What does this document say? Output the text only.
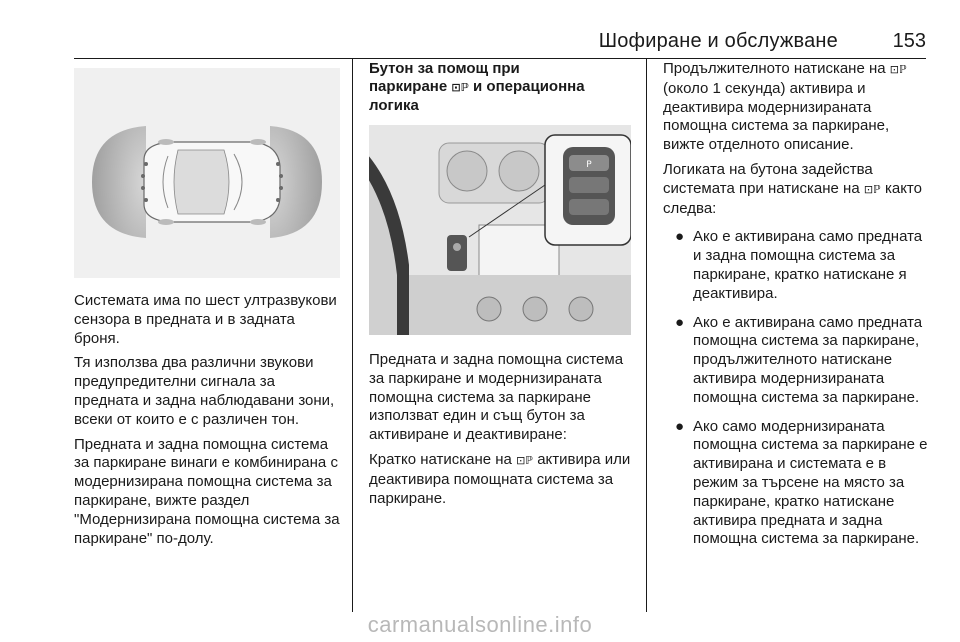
Шофиране и обслужване	153

Системата има по шест ултразвукови сензора в предната и в задната броня.

Тя използва два различни звукови предупредителни сигнала за предната и задна наблюдавани зони, всеки от които е с различен тон.

Предната и задна помощна система за паркиране винаги е комбинирана с модернизирана помощна система за паркиране, вижте раздел "Модернизирана помощна система за паркиране" по-долу.

Бутон за помощ при
паркиране ⊡ℙ и операционна
логика
P

Предната и задна помощна система за паркиране и модернизираната помощна система за паркиране използват един и същ бутон за активиране и деактивиране:

Кратко натискане на ⊡ℙ активира или деактивира помощната система за паркиране.

Продължителното натискане на ⊡ℙ (около 1 секунда) активира и деактивира модернизираната помощна система за паркиране, вижте отделното описание.

Логиката на бутона задейства системата при натискане на ⊡ℙ както следва:

● Ако е активирана само предната и задна помощна система за паркиране, кратко натискане я деактивира.
● Ако е активирана само предната помощна система за паркиране, продължителното натискане активира модернизираната помощна система за паркиране.
● Ако само модернизираната помощна система за паркиране е активирана и системата е в режим за търсене на място за паркиране, кратко натискане активира предната и задна помощна система за паркиране.
carmanualsonline.info
